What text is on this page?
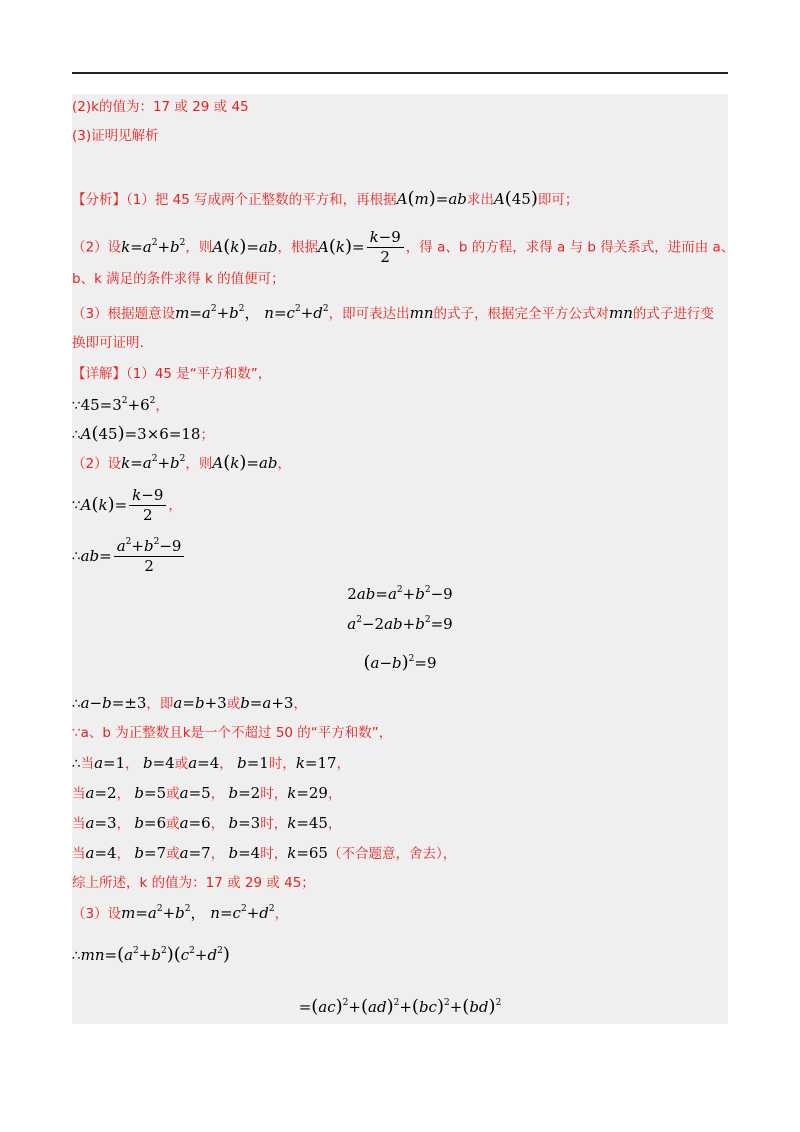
(2)k的值为：17 或 29 或 45
(3)证明见解析
【分析】（1）把 45 写成两个正整数的平方和，再根据A(m)=ab求出A(45)即可；
（2）设$k=a^2+b^2$，则A(k)=ab，根据$A(k)= \frac{k-9}{2}$ ，得 a、b 的方程，求得 a 与 b 得关系式，进而由 a、
b、k 满足的条件求得 k 的值便可；
（3）根据题意设$m=a^2+b^2$， $n=c^2+d^2$，即可表达出mn的式子，根据完全平方公式对mn的式子进行变
换即可证明.
【详解】（1）45 是“平方和数”，
$\because 45=3^2+6^2$，
∴A(45)=3×6=18；
（2）设$k=a^2+b^2$，则A(k)=ab，
∵A(k)= $\frac{k-9}{2}$ ，
∴ab= $\frac{a^2+b^2-9}{2}$
$2ab=a^2+b^2-9$
$a^2-2ab+b^2=9$
$(a-b)^2=9$
∴a−b=±3，即a=b+3或b=a+3，
∵a、b 为正整数且k是一个不超过 50 的“平方和数”，
∴当a=1， b=4或a=4， b=1时，k=17，
当a=2， b=5或a=5， b=2时，k=29，
当a=3， b=6或a=6， b=3时，k=45，
当a=4， b=7或a=7， b=4时，k=65（不合题意，舍去），
综上所述，k 的值为：17 或 29 或 45；
（3）设$m=a^2+b^2$， $n=c^2+d^2$，
$\therefore mn=(a^2+b^2)(c^2+d^2)$
=(ac)$^2$+(ad)$^2$+(bc)$^2$+(bd)$^2$
